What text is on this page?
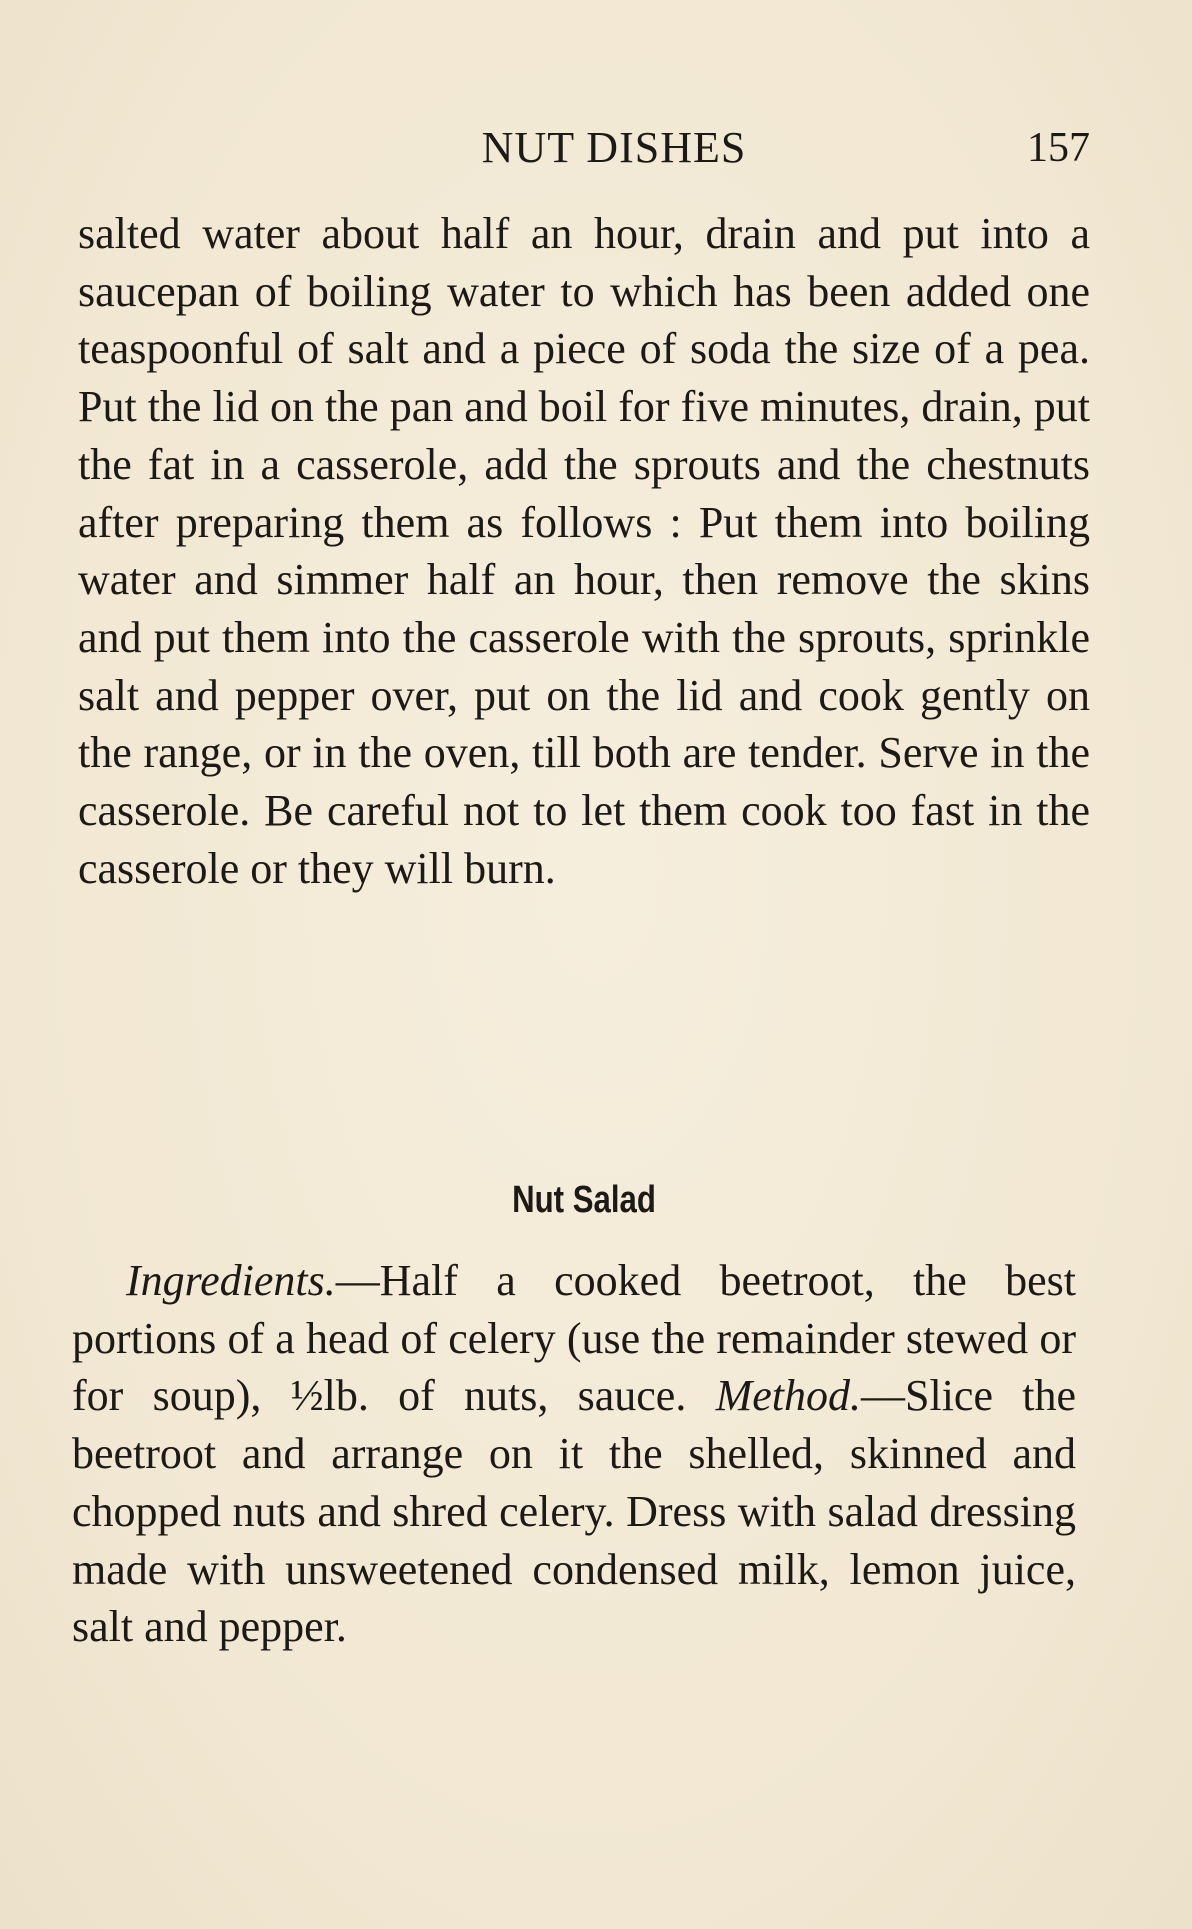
NUT DISHES	157

salted water about half an hour, drain and put into a saucepan of boiling water to which has been added one teaspoonful of salt and a piece of soda the size of a pea. Put the lid on the pan and boil for five minutes, drain, put the fat in a casserole, add the sprouts and the chestnuts after preparing them as follows : Put them into boiling water and simmer half an hour, then remove the skins and put them into the casserole with the sprouts, sprinkle salt and pepper over, put on the lid and cook gently on the range, or in the oven, till both are tender. Serve in the casserole. Be careful not to let them cook too fast in the casserole or they will burn.

Nut Salad

Ingredients.—Half a cooked beetroot, the best portions of a head of celery (use the remainder stewed or for soup), ½lb. of nuts, sauce. Method.—Slice the beetroot and arrange on it the shelled, skinned and chopped nuts and shred celery. Dress with salad dressing made with unsweetened condensed milk, lemon juice, salt and pepper.
